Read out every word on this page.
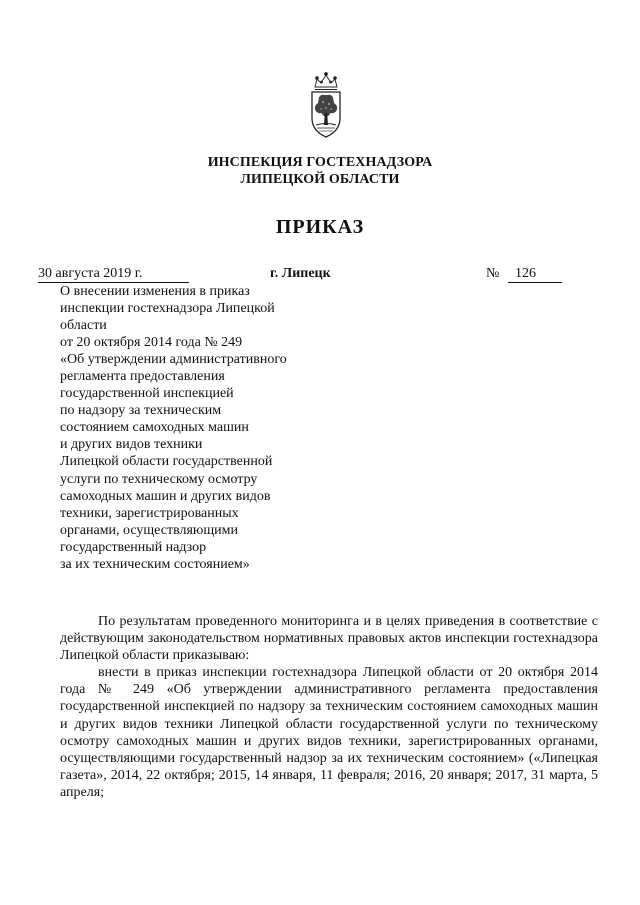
ИНСПЕКЦИЯ ГОСТЕХНАДЗОРА
ЛИПЕЦКОЙ ОБЛАСТИ
ПРИКАЗ
30 августа 2019 г.	г. Липецк	№	126
О внесении изменения в приказ
инспекции гостехнадзора Липецкой
области
от 20 октября 2014 года № 249
«Об утверждении административного
регламента предоставления
государственной инспекцией
по надзору за техническим
состоянием самоходных машин
и других видов техники
Липецкой области государственной
услуги по техническому осмотру
самоходных машин и других видов
техники, зарегистрированных
органами, осуществляющими
государственный надзор
за их техническим состоянием»

По результатам проведенного мониторинга и в целях приведения в соответствие с действующим законодательством нормативных правовых актов инспекции гостехнадзора Липецкой области приказываю:

внести в приказ инспекции гостехнадзора Липецкой области от 20 октября 2014 года № 249 «Об утверждении административного регламента предоставления государственной инспекцией по надзору за техническим состоянием самоходных машин и других видов техники Липецкой области государственной услуги по техническому осмотру самоходных машин и других видов техники, зарегистрированных органами, осуществляющими государственный надзор за их техническим состоянием» («Липецкая газета», 2014, 22 октября; 2015, 14 января, 11 февраля; 2016, 20 января; 2017, 31 марта, 5 апреля;
